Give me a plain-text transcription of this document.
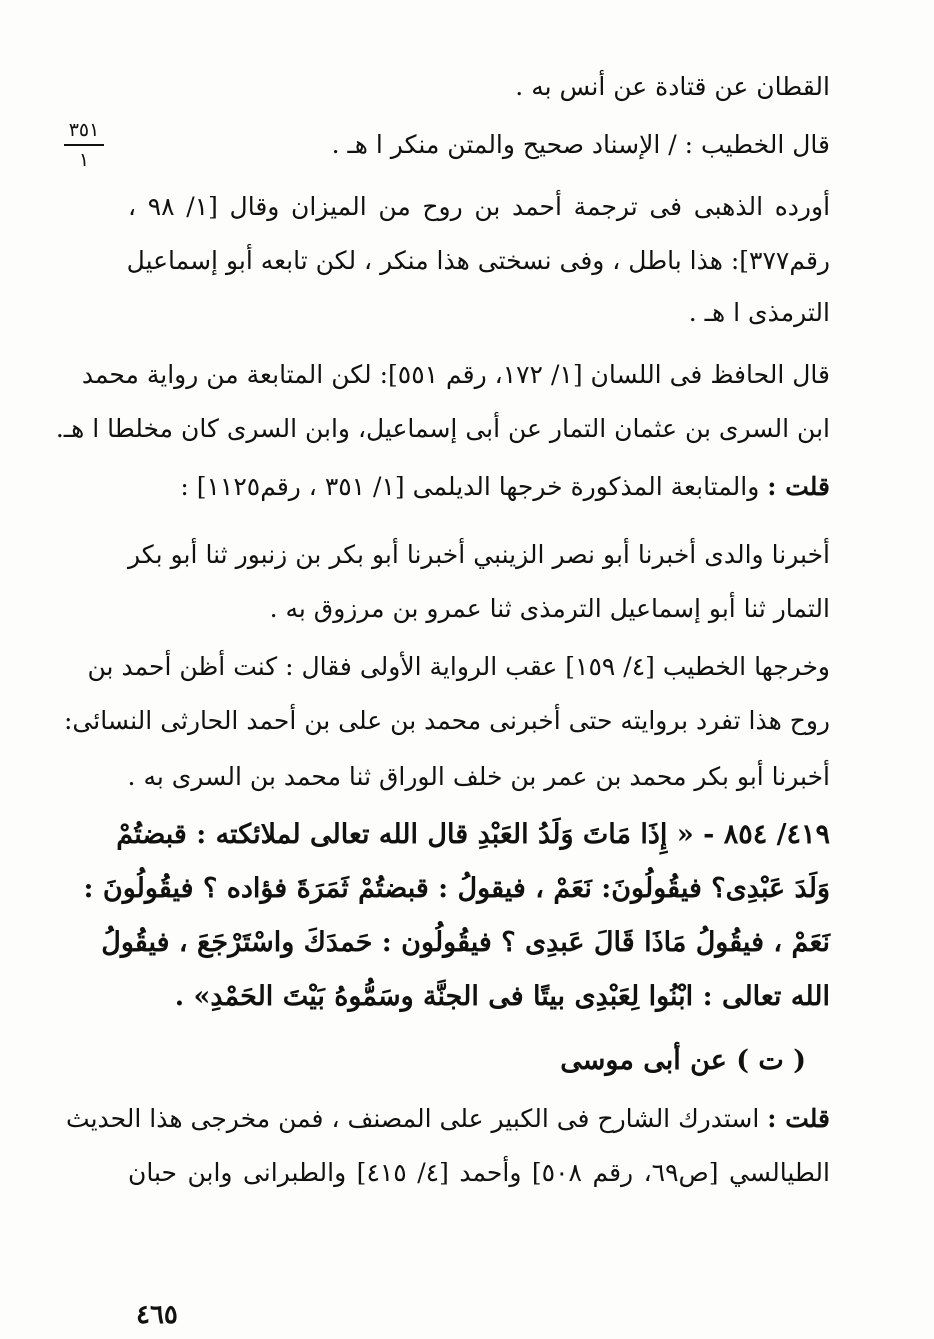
٣٥١
١
القطان عن قتادة عن أنس به .
قال الخطيب : / الإسناد صحيح والمتن منكر ا هـ .
أورده الذهبى فى ترجمة أحمد بن روح من الميزان وقال [١/ ٩٨ ،
رقم٣٧٧]: هذا باطل ، وفى نسختى هذا منكر ، لكن تابعه أبو إسماعيل
الترمذى ا هـ .
قال الحافظ فى اللسان [١/ ١٧٢، رقم ٥٥١]: لكن المتابعة من رواية محمد
ابن السرى بن عثمان التمار عن أبى إسماعيل، وابن السرى كان مخلطا ا هـ.
قلت : والمتابعة المذكورة خرجها الديلمى [١/ ٣٥١ ، رقم١١٢٥] :
أخبرنا والدى أخبرنا أبو نصر الزينبي أخبرنا أبو بكر بن زنبور ثنا أبو بكر
التمار ثنا أبو إسماعيل الترمذى ثنا عمرو بن مرزوق به .
وخرجها الخطيب [٤/ ١٥٩] عقب الرواية الأولى فقال : كنت أظن أحمد بن
روح هذا تفرد بروايته حتى أخبرنى محمد بن على بن أحمد الحارثى النسائى:
أخبرنا أبو بكر محمد بن عمر بن خلف الوراق ثنا محمد بن السرى به .
٤١٩/ ٨٥٤ - « إِذَا مَاتَ وَلَدُ العَبْدِ قال الله تعالى لملائكته : قبضتُمْ
وَلَدَ عَبْدِى؟ فيقُولُونَ: نَعَمْ ، فيقولُ : قبضتُمْ ثَمَرَةَ فؤاده ؟ فيقُولُونَ :
نَعَمْ ، فيقُولُ مَاذَا قَالَ عَبدِى ؟ فيقُولُون : حَمدَكَ واسْتَرْجَعَ ، فيقُولُ
الله تعالى : ابْنُوا لِعَبْدِى بيتًا فى الجنَّة وسَمُّوهُ بَيْتَ الحَمْدِ» .
( ت ) عن أبى موسى
قلت : استدرك الشارح فى الكبير على المصنف ، فمن مخرجى هذا الحديث
الطيالسي [ص٦٩، رقم ٥٠٨] وأحمد [٤/ ٤١٥] والطبرانى وابن حبان
٤٦٥
